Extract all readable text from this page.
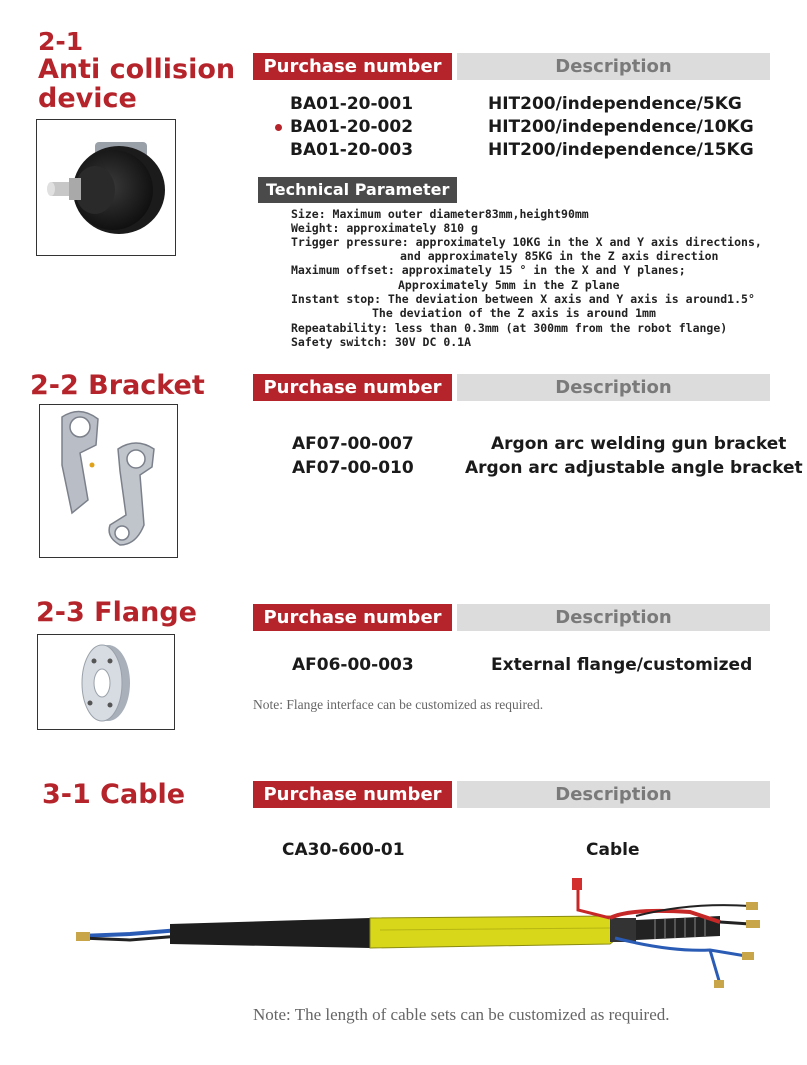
2-1
Anti collision
device
Purchase number	Description
BA01-20-001	HIT200/independence/5KG
BA01-20-002	HIT200/independence/10KG
BA01-20-003	HIT200/independence/15KG
Technical Parameter
Size: Maximum outer diameter83mm,height90mm
Weight: approximately 810 g
Trigger pressure: approximately 10KG in the X and Y axis directions,
and approximately 85KG in the Z axis direction
Maximum offset: approximately 15 ° in the X and Y planes;
Approximately 5mm in the Z plane
Instant stop: The deviation between X axis and Y axis is around1.5°
The deviation of the Z axis is around 1mm
Repeatability: less than 0.3mm (at 300mm from the robot flange)
Safety switch: 30V DC 0.1A
2-2 Bracket	Purchase number	Description
AF07-00-007	Argon arc welding gun bracket
AF07-00-010	Argon arc adjustable angle bracket
2-3 Flange	Purchase number	Description
AF06-00-003	External flange/customized
Note: Flange interface can be customized as required.
3-1 Cable	Purchase number	Description
CA30-600-01	Cable
Note: The length of cable sets can be customized as required.
